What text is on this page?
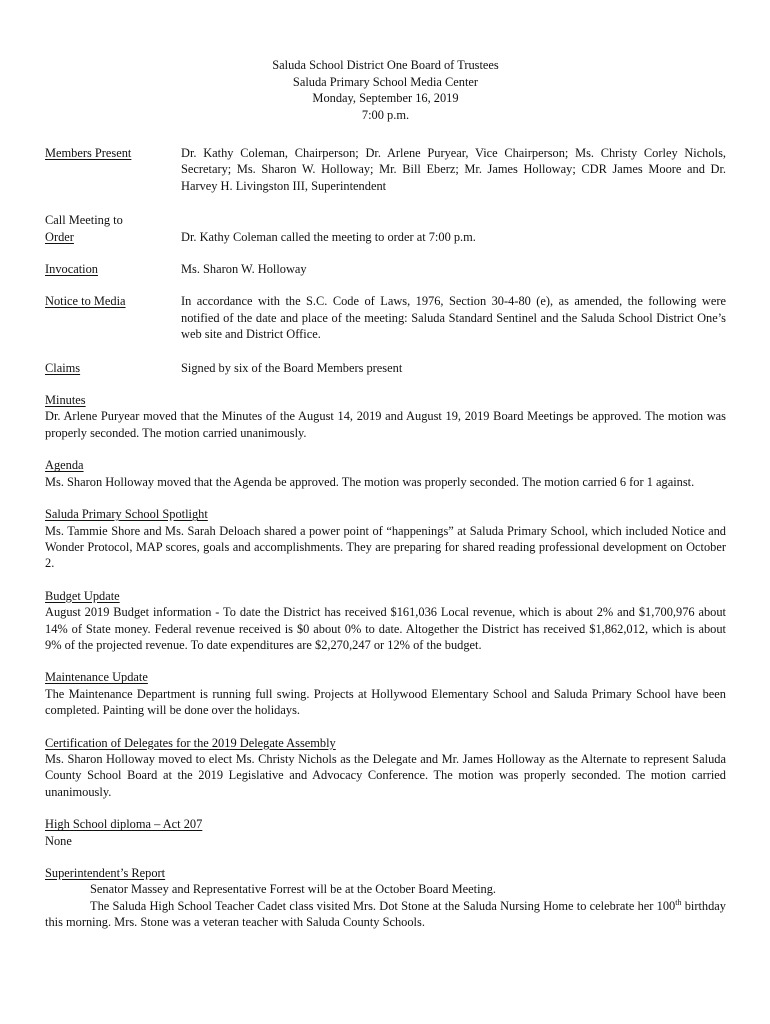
Saluda School District One Board of Trustees
Saluda Primary School Media Center
Monday, September 16, 2019
7:00 p.m.
Members Present	Dr. Kathy Coleman, Chairperson; Dr. Arlene Puryear, Vice Chairperson; Ms. Christy Corley Nichols, Secretary; Ms. Sharon W. Holloway; Mr. Bill Eberz; Mr. James Holloway; CDR James Moore and Dr. Harvey H. Livingston III, Superintendent
Call Meeting to
Order	Dr. Kathy Coleman called the meeting to order at 7:00 p.m.
Invocation	Ms. Sharon W. Holloway
Notice to Media	In accordance with the S.C. Code of Laws, 1976, Section 30-4-80 (e), as amended, the following were notified of the date and place of the meeting: Saluda Standard Sentinel and the Saluda School District One’s web site and District Office.
Claims	Signed by six of the Board Members present
Minutes
Dr. Arlene Puryear moved that the Minutes of the August 14, 2019 and August 19, 2019 Board Meetings be approved. The motion was properly seconded. The motion carried unanimously.
Agenda
Ms. Sharon Holloway moved that the Agenda be approved. The motion was properly seconded. The motion carried 6 for 1 against.
Saluda Primary School Spotlight
Ms. Tammie Shore and Ms. Sarah Deloach shared a power point of “happenings” at Saluda Primary School, which included Notice and Wonder Protocol, MAP scores, goals and accomplishments. They are preparing for shared reading professional development on October 2.
Budget Update
August 2019 Budget information - To date the District has received $161,036 Local revenue, which is about 2% and $1,700,976 about 14% of State money. Federal revenue received is $0 about 0% to date. Altogether the District has received $1,862,012, which is about 9% of the projected revenue. To date expenditures are $2,270,247 or 12% of the budget.
Maintenance Update
The Maintenance Department is running full swing. Projects at Hollywood Elementary School and Saluda Primary School have been completed. Painting will be done over the holidays.
Certification of Delegates for the 2019 Delegate Assembly
Ms. Sharon Holloway moved to elect Ms. Christy Nichols as the Delegate and Mr. James Holloway as the Alternate to represent Saluda County School Board at the 2019 Legislative and Advocacy Conference. The motion was properly seconded. The motion carried unanimously.
High School diploma – Act 207
None
Superintendent’s Report
Senator Massey and Representative Forrest will be at the October Board Meeting.
The Saluda High School Teacher Cadet class visited Mrs. Dot Stone at the Saluda Nursing Home to celebrate her 100th birthday this morning. Mrs. Stone was a veteran teacher with Saluda County Schools.
